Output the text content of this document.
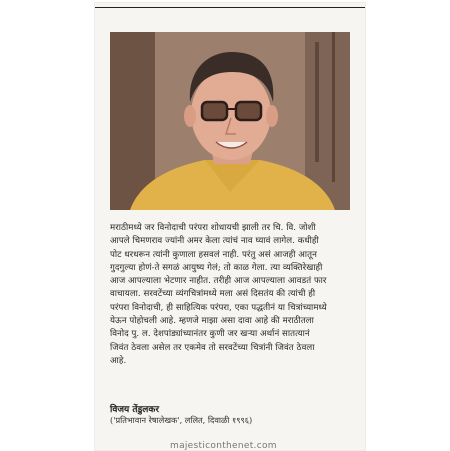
मराठीमध्ये जर विनोदाची परंपरा शोधायची झाली तर चि. वि. जोशी
आपले चिमणराव ज्यांनी अमर केला त्यांचं नाव घ्यावं लागेल. कधीही
पोट धरधरून त्यांनी कुणाला हसवलं नाही. परंतु असं आजही आतून
गुदगुल्या होणं-ते सगळं आयुष्य गेलं; तो काळ गेला. त्या व्यक्तिरेखाही
आज आपल्याला भेटणार नाहीत. तरीही आज आपल्याला आवडतं फार
वाचायला. सरवटेंच्या व्यंगचित्रांमध्ये मला असं दिसतंय की त्यांची ही
परंपरा विनोदाची, ही साहित्यिक परंपरा, एका पद्धतीनं या चित्रांच्यामध्ये
येऊन पोहोचली आहे. म्हणजे माझा असा दावा आहे की मराठीतला
विनोद पु. ल. देशपांड्यांच्यानंतर कुणी जर खऱ्या अर्थानं सातत्यानं
जिवंत ठेवला असेल तर एकमेव तो सरवटेंच्या चित्रांनी जिवंत ठेवला
आहे.
विजय तेंडुलकर
('प्रतिभावान रेषालेखक', ललित, दिवाळी १९९६)
majesticonthenet.com
